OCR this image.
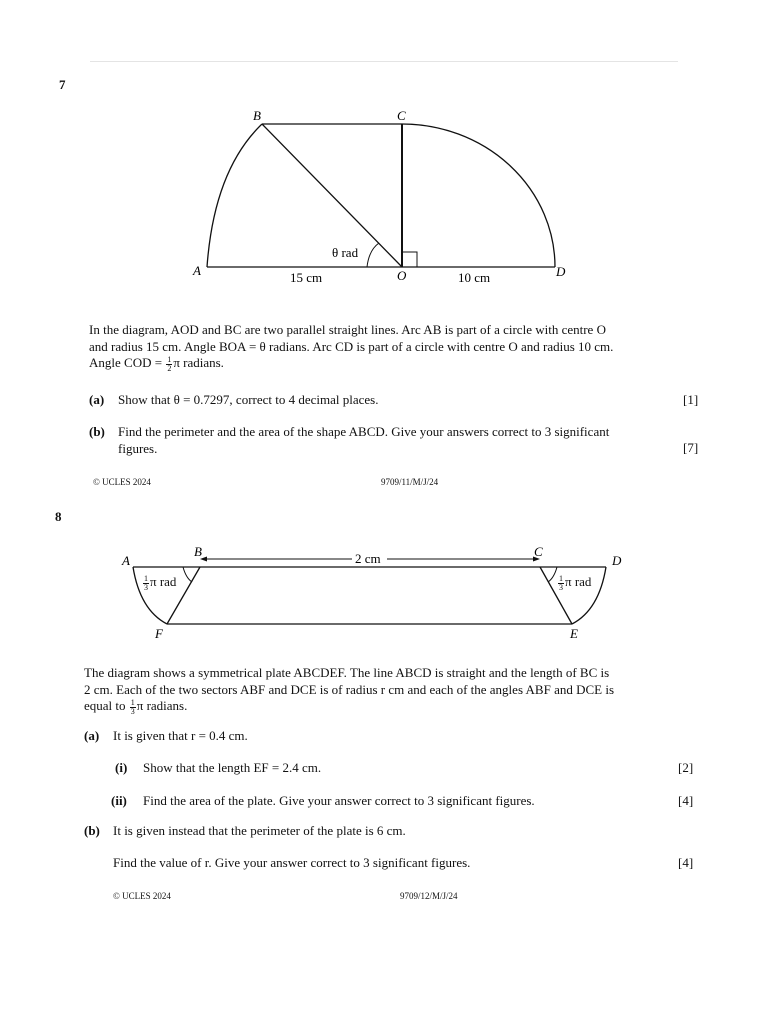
7
A
B	C
O	D
θ rad
15 cm	10 cm
In the diagram, AOD and BC are two parallel straight lines. Arc AB is part of a circle with centre O
and radius 15 cm. Angle BOA = θ radians. Arc CD is part of a circle with centre O and radius 10 cm.
Angle COD = $\frac{1}{2}$ π radians.
(a) Show that θ = 0.7297, correct to 4 decimal places.	[1]
(b) Find the perimeter and the area of the shape ABCD. Give your answers correct to 3 significant
figures.	[7]
© UCLES 2024	9709/11/M/J/24
8
A
B	C
D
F	E
2 cm
$\frac{1}{3}$ π rad	$\frac{1}{3}$ π rad
The diagram shows a symmetrical plate ABCDEF. The line ABCD is straight and the length of BC is
2 cm. Each of the two sectors ABF and DCE is of radius r cm and each of the angles ABF and DCE is
equal to $\frac{1}{3}$ π radians.
(a) It is given that r = 0.4 cm.
(i) Show that the length EF = 2.4 cm.	[2]
(ii) Find the area of the plate. Give your answer correct to 3 significant figures.	[4]
(b) It is given instead that the perimeter of the plate is 6 cm.
Find the value of r. Give your answer correct to 3 significant figures.	[4]
© UCLES 2024	9709/12/M/J/24
